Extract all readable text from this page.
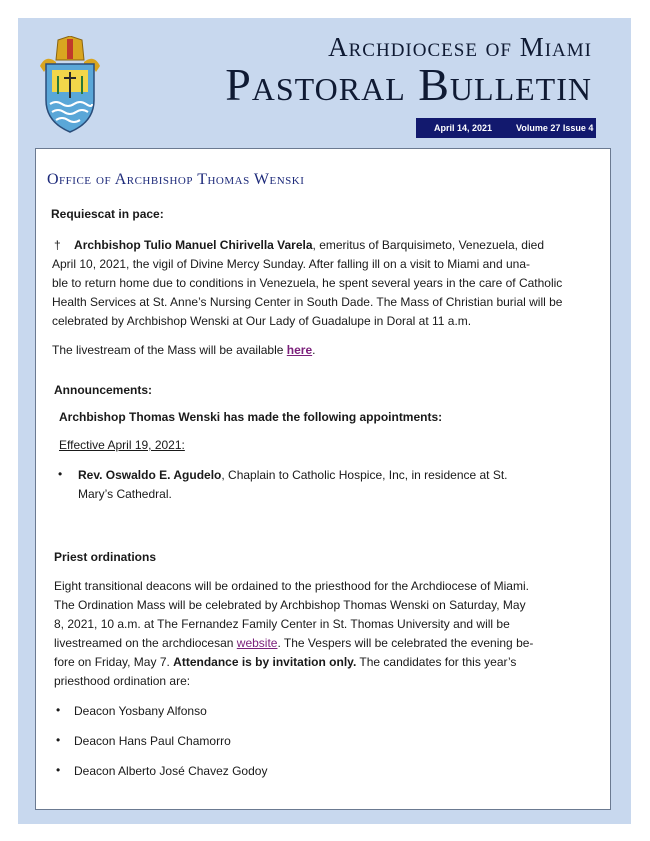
Archdiocese of Miami
Pastoral Bulletin
April 14, 2021	Volume 27 Issue 4
Office of Archbishop Thomas Wenski
Requiescat in pace:
† Archbishop Tulio Manuel Chirivella Varela, emeritus of Barquisimeto, Venezuela, died
April 10, 2021, the vigil of Divine Mercy Sunday. After falling ill on a visit to Miami and una-
ble to return home due to conditions in Venezuela, he spent several years in the care of Catholic
Health Services at St. Anne’s Nursing Center in South Dade. The Mass of Christian burial will be
celebrated by Archbishop Wenski at Our Lady of Guadalupe in Doral at 11 a.m.
The livestream of the Mass will be available here.
Announcements:
Archbishop Thomas Wenski has made the following appointments:
Effective April 19, 2021:
• Rev. Oswaldo E. Agudelo, Chaplain to Catholic Hospice, Inc, in residence at St.
Mary’s Cathedral.
Priest ordinations
Eight transitional deacons will be ordained to the priesthood for the Archdiocese of Miami.
The Ordination Mass will be celebrated by Archbishop Thomas Wenski on Saturday, May
8, 2021, 10 a.m. at The Fernandez Family Center in St. Thomas University and will be
livestreamed on the archdiocesan website. The Vespers will be celebrated the evening be-
fore on Friday, May 7. Attendance is by invitation only. The candidates for this year’s
priesthood ordination are:
• Deacon Yosbany Alfonso
• Deacon Hans Paul Chamorro
• Deacon Alberto José Chavez Godoy
